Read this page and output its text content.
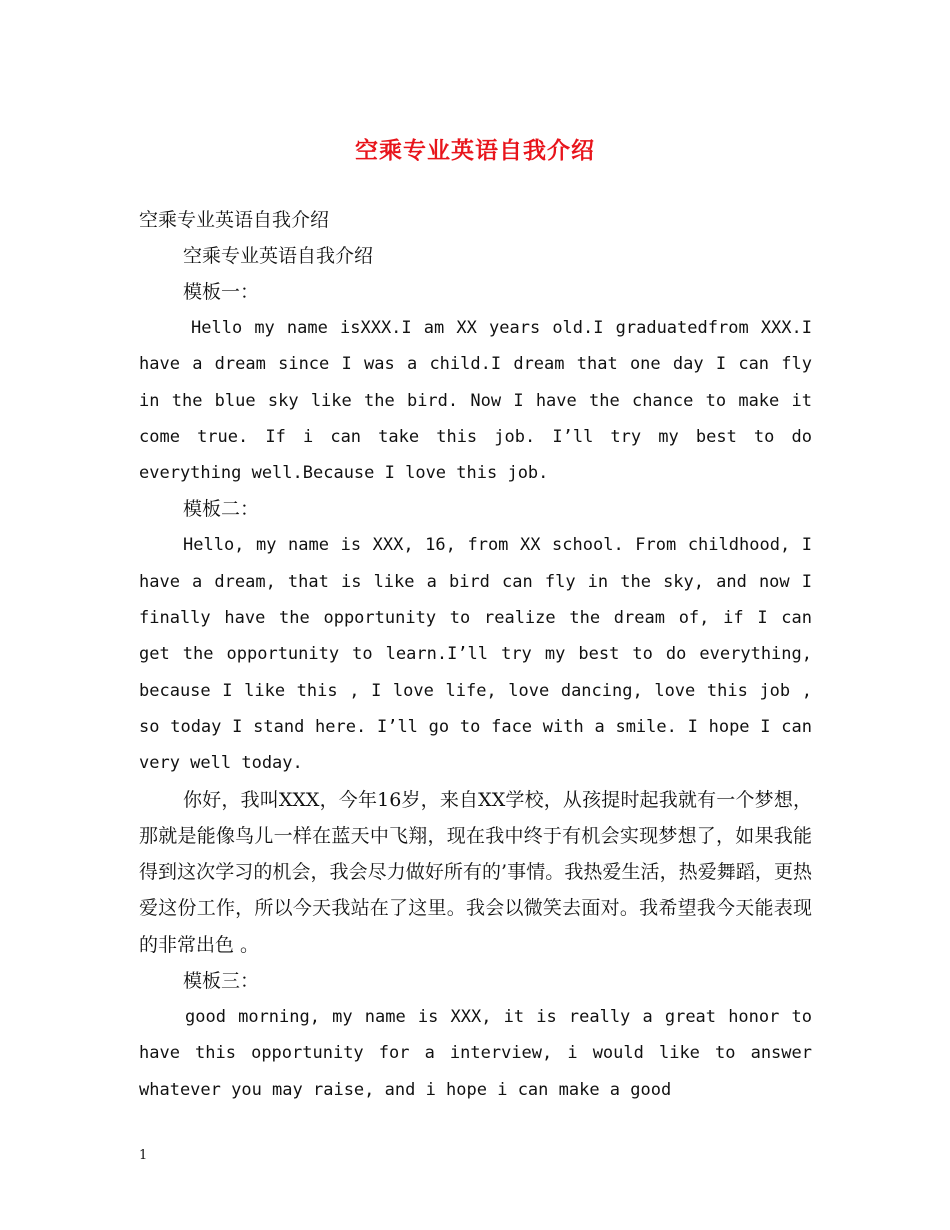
空乘专业英语自我介绍

空乘专业英语自我介绍

空乘专业英语自我介绍

模板一：

Hello my name isXXX.I am XX years old.I graduatedfrom XXX.I have a dream since I was a child.I dream that one day I can fly in the blue sky like the bird. Now I have the chance to make it come true. If i can take this job. I’ll try my best to do everything well.Because I love this job.

模板二：

Hello, my name is XXX, 16, from XX school. From childhood, I have a dream, that is like a bird can fly in the sky, and now I finally have the opportunity to realize the dream of, if I can get the opportunity to learn.I’ll try my best to do everything, because I like this , I love life, love dancing, love this job , so today I stand here. I’ll go to face with a smile. I hope I can very well today.

你好，我叫XXX，今年16岁，来自XX学校，从孩提时起我就有一个梦想，那就是能像鸟儿一样在蓝天中飞翔，现在我中终于有机会实现梦想了，如果我能得到这次学习的机会，我会尽力做好所有的’事情。我热爱生活，热爱舞蹈，更热爱这份工作，所以今天我站在了这里。我会以微笑去面对。我希望我今天能表现的非常出色 。

模板三：

good morning, my name is XXX, it is really a great honor to have this opportunity for a interview, i would like to answer whatever you may raise, and i hope i can make a good

1
